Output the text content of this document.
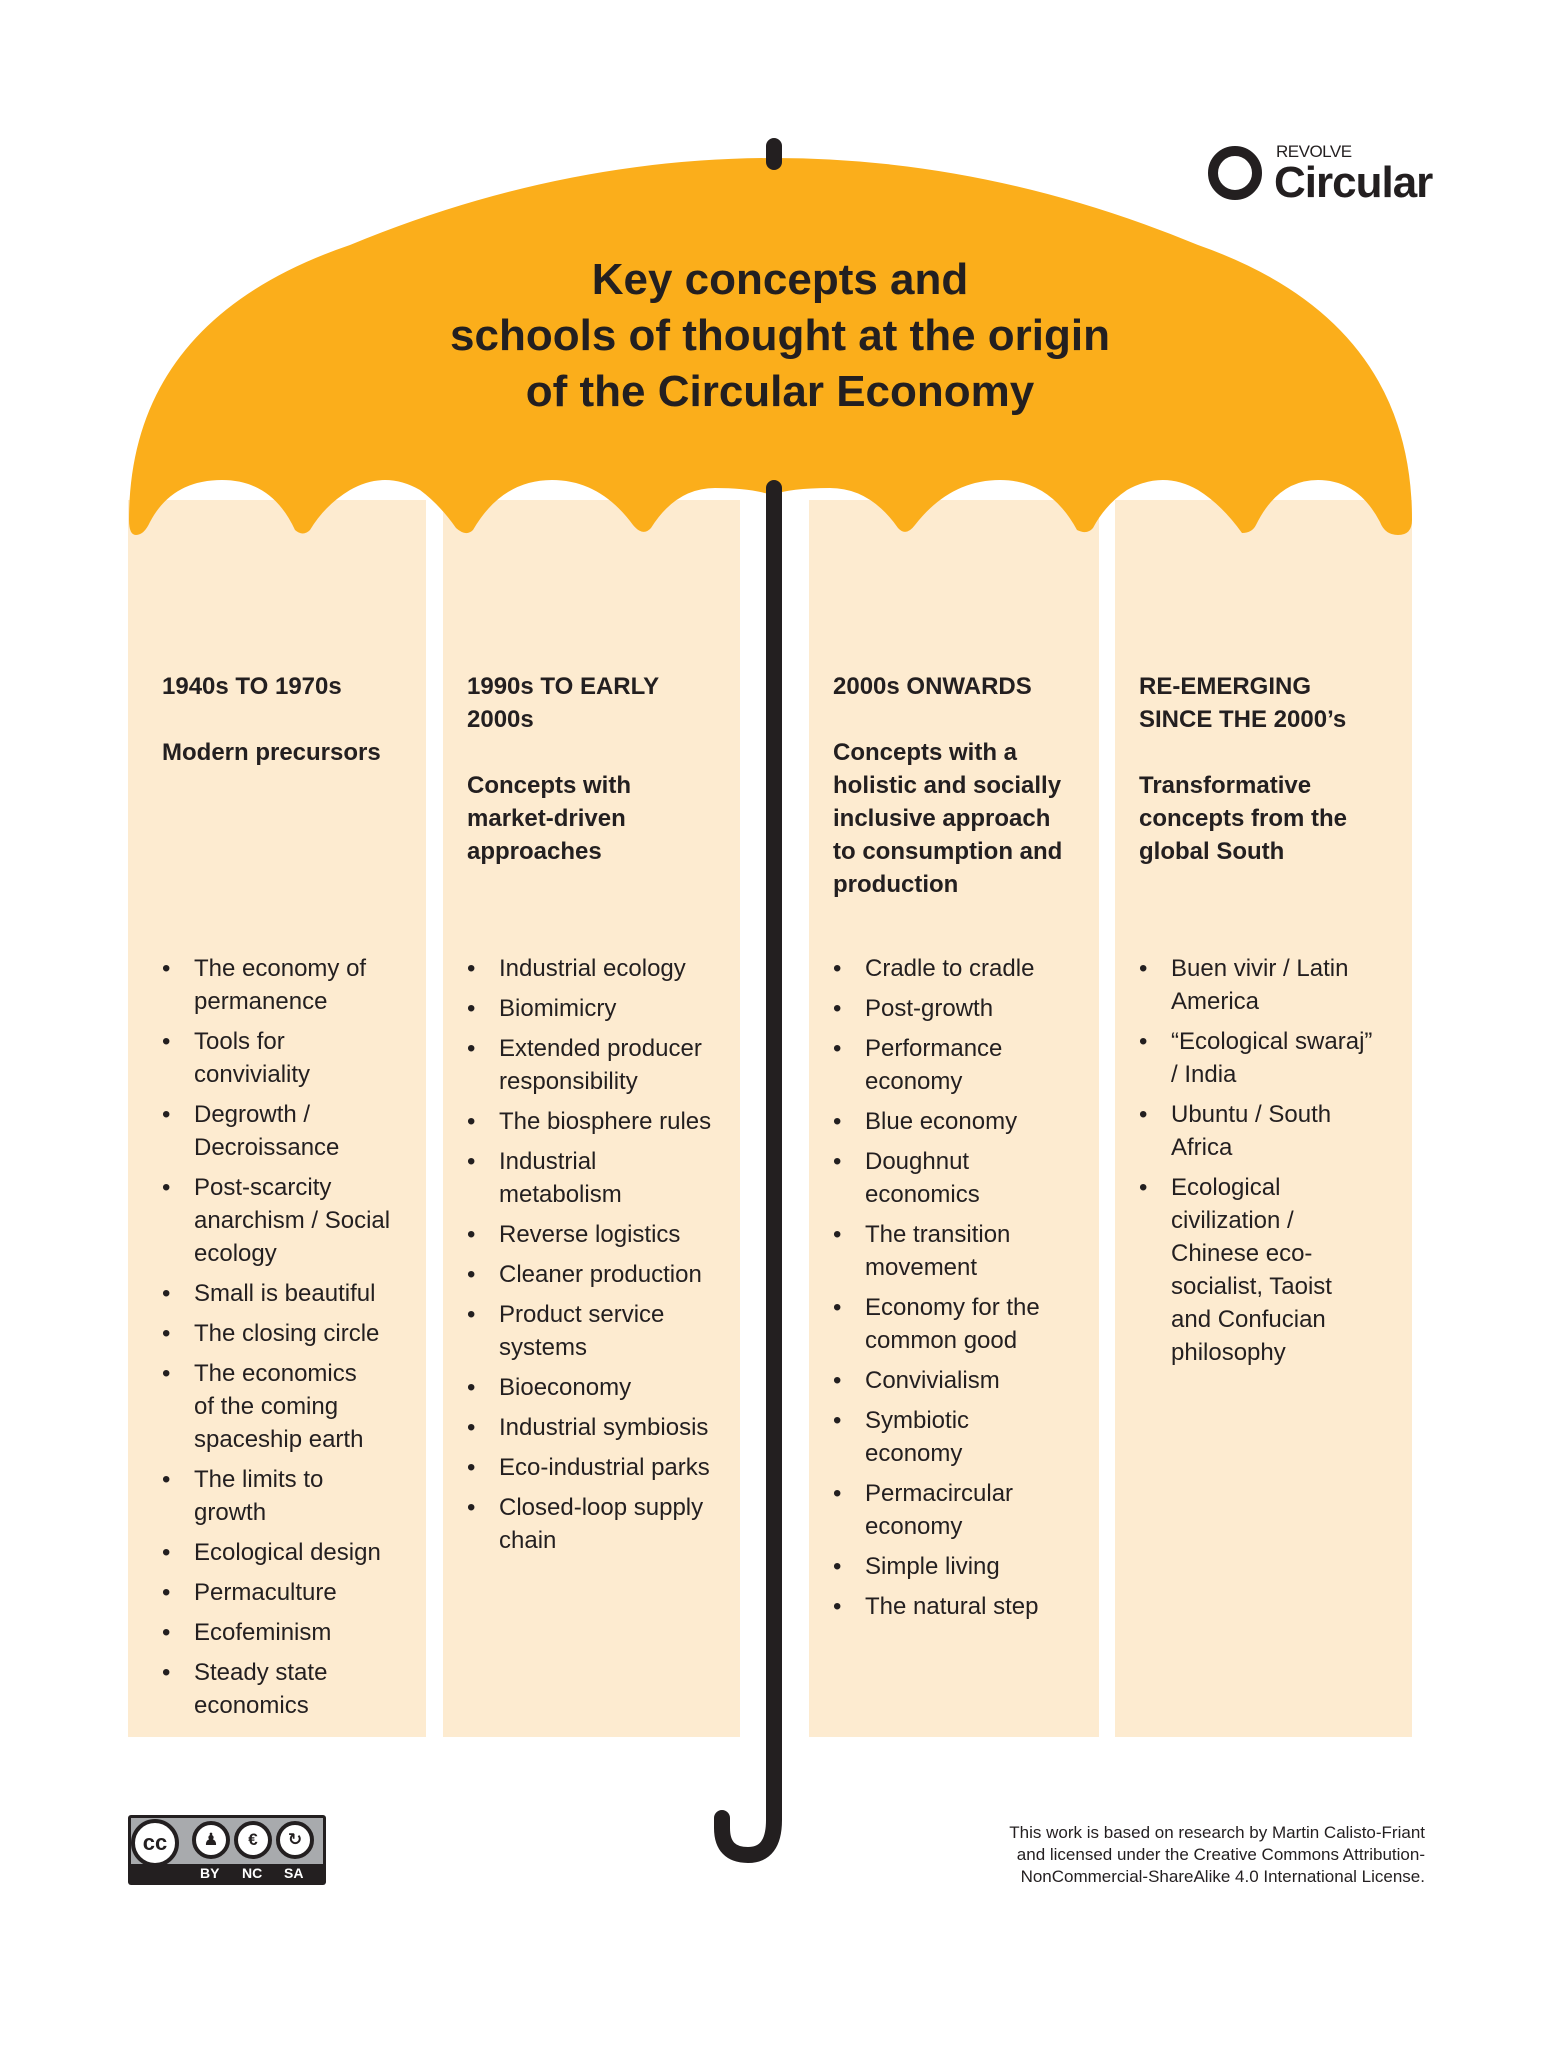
REVOLVE
Circular
Key concepts and
schools of thought at the origin
of the Circular Economy
1940s TO 1970s
Modern precursors
• The economy of
permanence
• Tools for
conviviality
• Degrowth /
Decroissance
• Post-scarcity
anarchism / Social
ecology
• Small is beautiful
• The closing circle
• The economics
of the coming
spaceship earth
• The limits to
growth
• Ecological design
• Permaculture
• Ecofeminism
• Steady state
economics
1990s TO EARLY
2000s
Concepts with
market-driven
approaches
• Industrial ecology
• Biomimicry
• Extended producer
responsibility
• The biosphere rules
• Industrial
metabolism
• Reverse logistics
• Cleaner production
• Product service
systems
• Bioeconomy
• Industrial symbiosis
• Eco-industrial parks
• Closed-loop supply
chain
2000s ONWARDS
Concepts with a
holistic and socially
inclusive approach
to consumption and
production
• Cradle to cradle
• Post-growth
• Performance
economy
• Blue economy
• Doughnut
economics
• The transition
movement
• Economy for the
common good
• Convivialism
• Symbiotic
economy
• Permacircular
economy
• Simple living
• The natural step
RE-EMERGING
SINCE THE 2000’s
Transformative
concepts from the
global South
• Buen vivir / Latin
America
• “Ecological swaraj”
/ India
• Ubuntu / South
Africa
• Ecological
civilization /
Chinese eco-
socialist, Taoist
and Confucian
philosophy
cc	♟	€	↻
BY NC SA
This work is based on research by Martin Calisto-Friant
and licensed under the Creative Commons Attribution-
NonCommercial-ShareAlike 4.0 International License.
